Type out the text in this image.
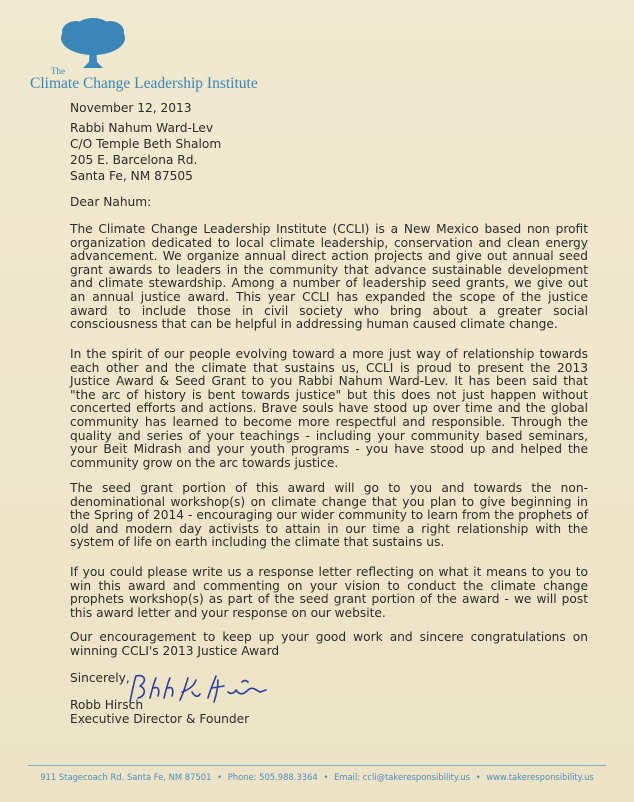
The
Climate Change Leadership Institute
November 12, 2013
Rabbi Nahum Ward-Lev
C/O Temple Beth Shalom
205 E. Barcelona Rd.
Santa Fe, NM 87505
Dear Nahum:
The Climate Change Leadership Institute (CCLI) is a New Mexico based non profit organization dedicated to local climate leadership, conservation and clean energy advancement. We organize annual direct action projects and give out annual seed grant awards to leaders in the community that advance sustainable development and climate stewardship. Among a number of leadership seed grants, we give out an annual justice award. This year CCLI has expanded the scope of the justice award to include those in civil society who bring about a greater social consciousness that can be helpful in addressing human caused climate change.
In the spirit of our people evolving toward a more just way of relationship towards each other and the climate that sustains us, CCLI is proud to present the 2013 Justice Award & Seed Grant to you Rabbi Nahum Ward-Lev. It has been said that "the arc of history is bent towards justice" but this does not just happen without concerted efforts and actions. Brave souls have stood up over time and the global community has learned to become more respectful and responsible. Through the quality and series of your teachings - including your community based seminars, your Beit Midrash and your youth programs - you have stood up and helped the community grow on the arc towards justice.
The seed grant portion of this award will go to you and towards the non-denominational workshop(s) on climate change that you plan to give beginning in the Spring of 2014 - encouraging our wider community to learn from the prophets of old and modern day activists to attain in our time a right relationship with the system of life on earth including the climate that sustains us.
If you could please write us a response letter reflecting on what it means to you to win this award and commenting on your vision to conduct the climate change prophets workshop(s) as part of the seed grant portion of the award - we will post this award letter and your response on our website.
Our encouragement to keep up your good work and sincere congratulations on winning CCLI's 2013 Justice Award
Sincerely,
Robb Hirsch
Executive Director & Founder
911 Stagecoach Rd. Santa Fe, NM 87501 • Phone: 505.988.3364 • Email: ccli@takeresponsibility.us • www.takeresponsibility.us
